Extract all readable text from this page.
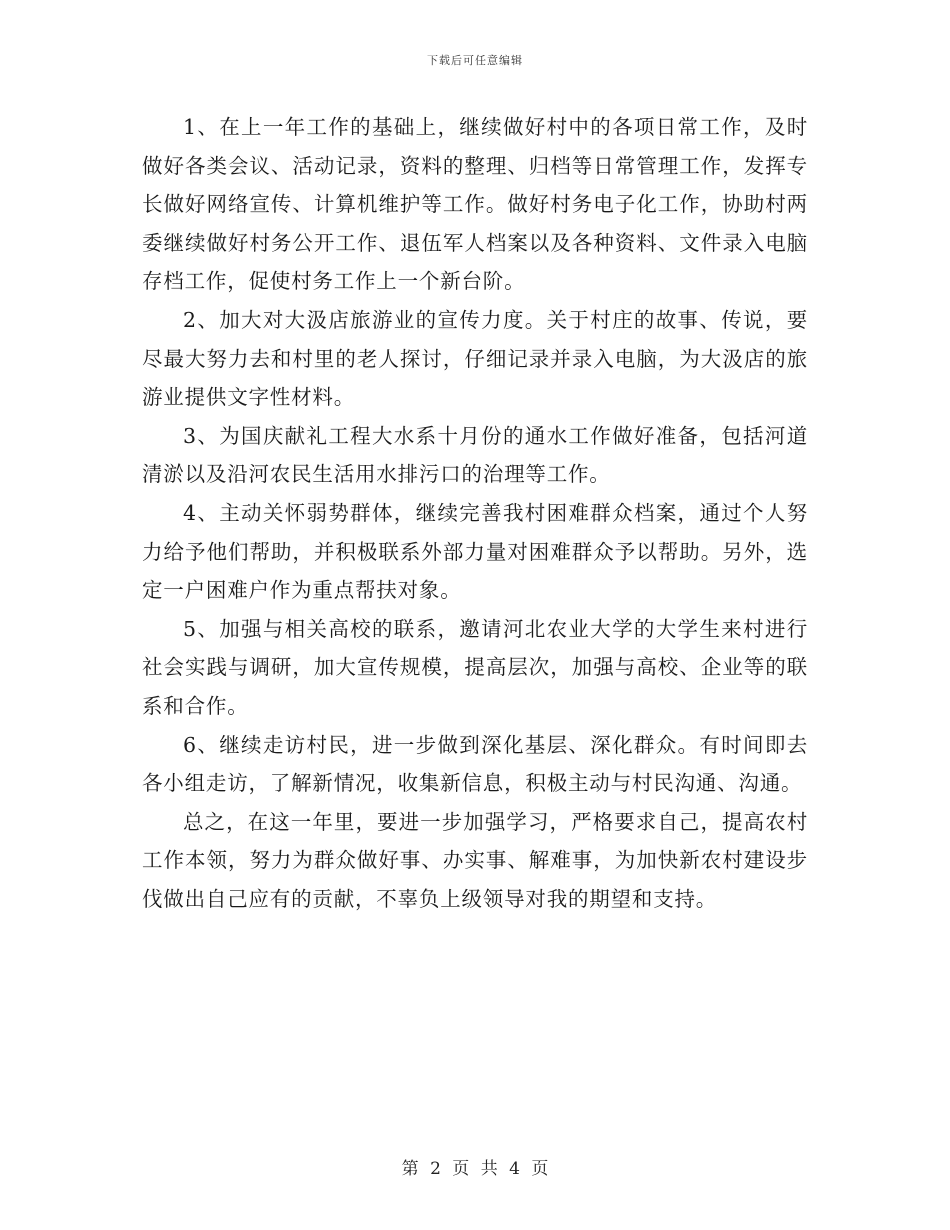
下载后可任意编辑

1、在上一年工作的基础上，继续做好村中的各项日常工作，及时做好各类会议、活动记录，资料的整理、归档等日常管理工作，发挥专长做好网络宣传、计算机维护等工作。做好村务电子化工作，协助村两委继续做好村务公开工作、退伍军人档案以及各种资料、文件录入电脑存档工作，促使村务工作上一个新台阶。

2、加大对大汲店旅游业的宣传力度。关于村庄的故事、传说，要尽最大努力去和村里的老人探讨，仔细记录并录入电脑，为大汲店的旅游业提供文字性材料。

3、为国庆献礼工程大水系十月份的通水工作做好准备，包括河道清淤以及沿河农民生活用水排污口的治理等工作。

4、主动关怀弱势群体，继续完善我村困难群众档案，通过个人努力给予他们帮助，并积极联系外部力量对困难群众予以帮助。另外，选定一户困难户作为重点帮扶对象。

5、加强与相关高校的联系，邀请河北农业大学的大学生来村进行社会实践与调研，加大宣传规模，提高层次，加强与高校、企业等的联系和合作。

6、继续走访村民，进一步做到深化基层、深化群众。有时间即去各小组走访，了解新情况，收集新信息，积极主动与村民沟通、沟通。

总之，在这一年里，要进一步加强学习，严格要求自己，提高农村工作本领，努力为群众做好事、办实事、解难事，为加快新农村建设步伐做出自己应有的贡献，不辜负上级领导对我的期望和支持。

第 2 页 共 4 页
